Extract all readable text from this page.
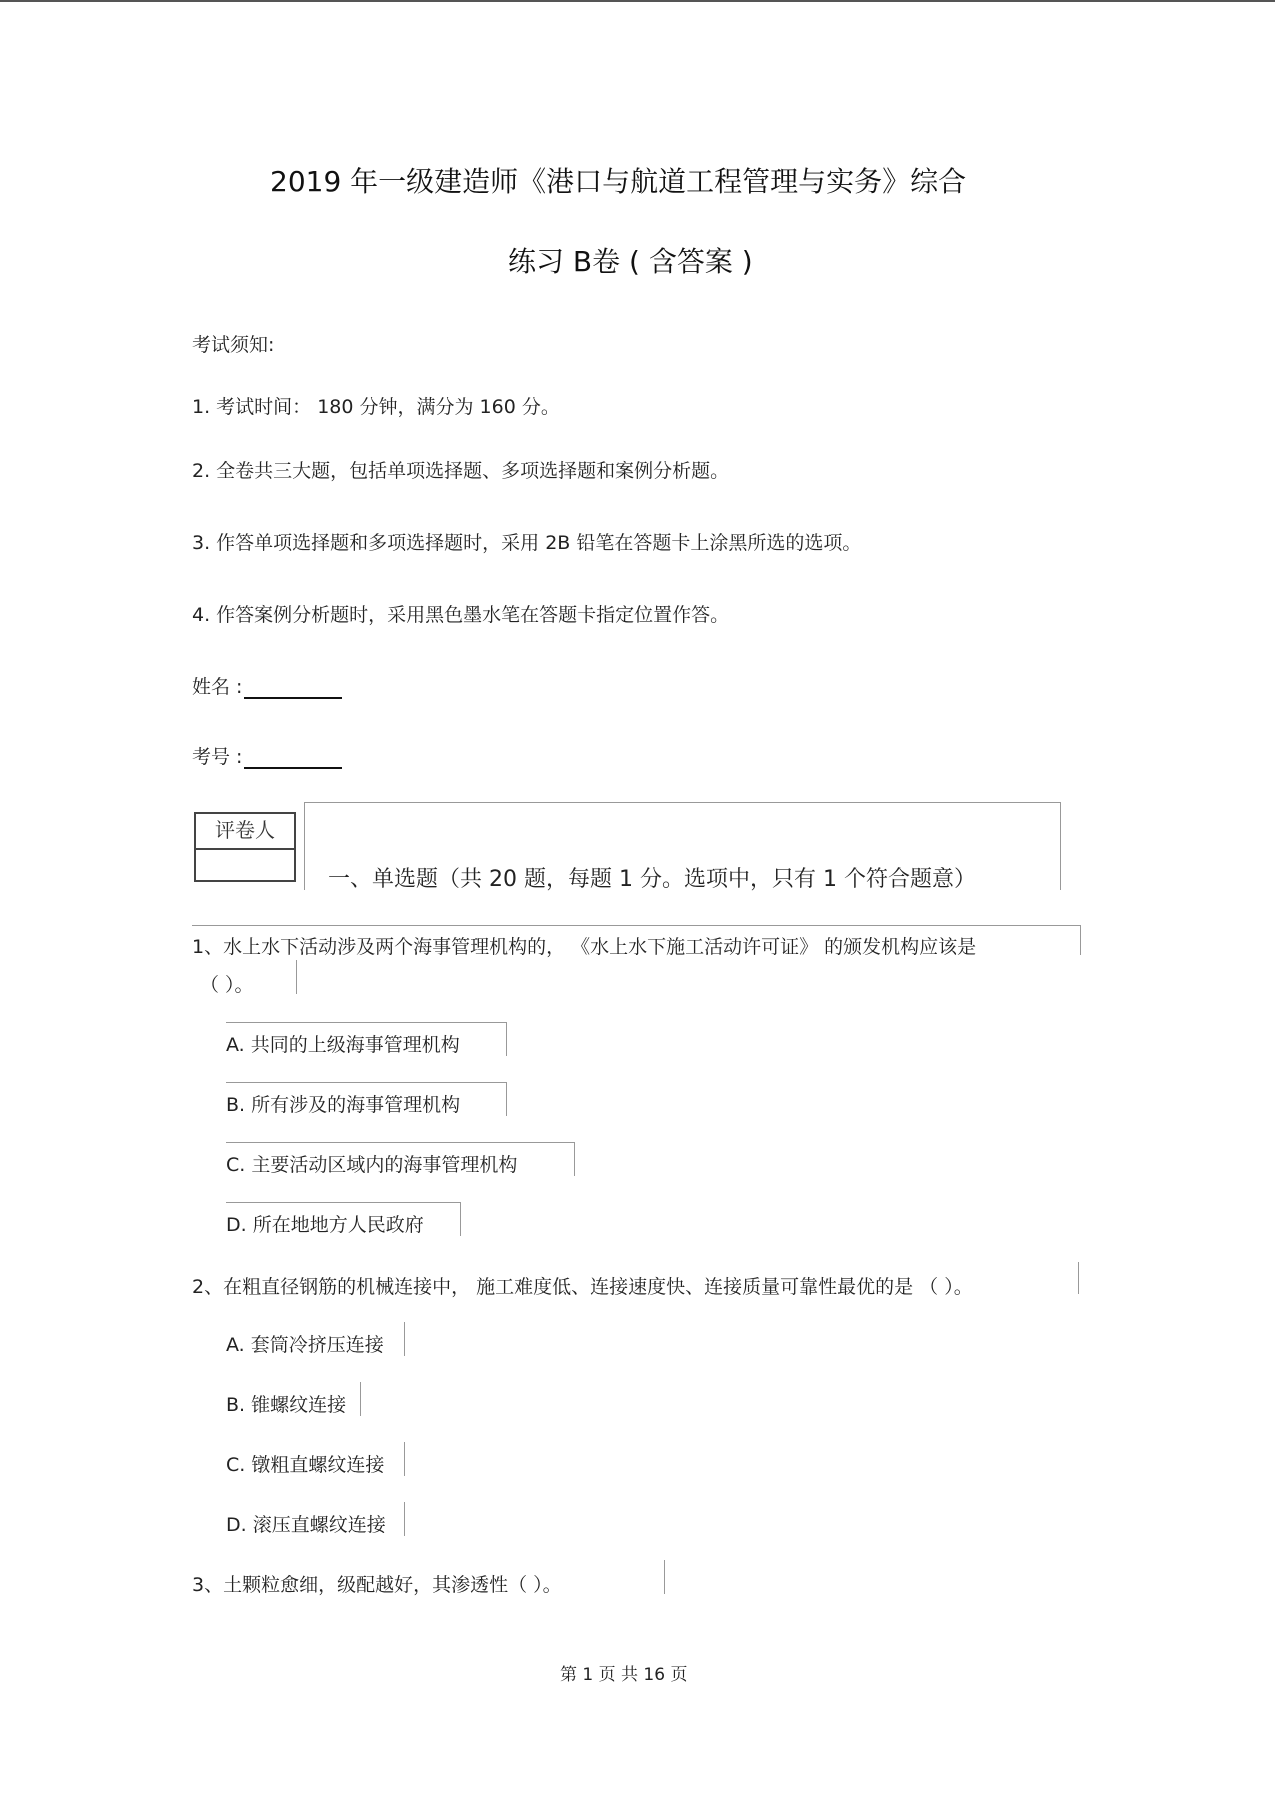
2019 年一级建造师《港口与航道工程管理与实务》综合
练习 B卷 ( 含答案 )
考试须知:
1. 考试时间： 180 分钟，满分为 160 分。
2. 全卷共三大题，包括单项选择题、多项选择题和案例分析题。
3. 作答单项选择题和多项选择题时，采用 2B 铅笔在答题卡上涂黑所选的选项。
4. 作答案例分析题时，采用黑色墨水笔在答题卡指定位置作答。
姓名 :
考号 :
评卷人
一、单选题（共 20 题，每题 1 分。选项中，只有 1 个符合题意）
1、水上水下活动涉及两个海事管理机构的， 《水上水下施工活动许可证》 的颁发机构应该是
（ ）。
A. 共同的上级海事管理机构
B. 所有涉及的海事管理机构
C. 主要活动区域内的海事管理机构
D. 所在地地方人民政府
2、在粗直径钢筋的机械连接中， 施工难度低、连接速度快、连接质量可靠性最优的是 （ ）。
A. 套筒冷挤压连接
B. 锥螺纹连接
C. 镦粗直螺纹连接
D. 滚压直螺纹连接
3、土颗粒愈细，级配越好，其渗透性（ ）。
第 1 页 共 16 页
